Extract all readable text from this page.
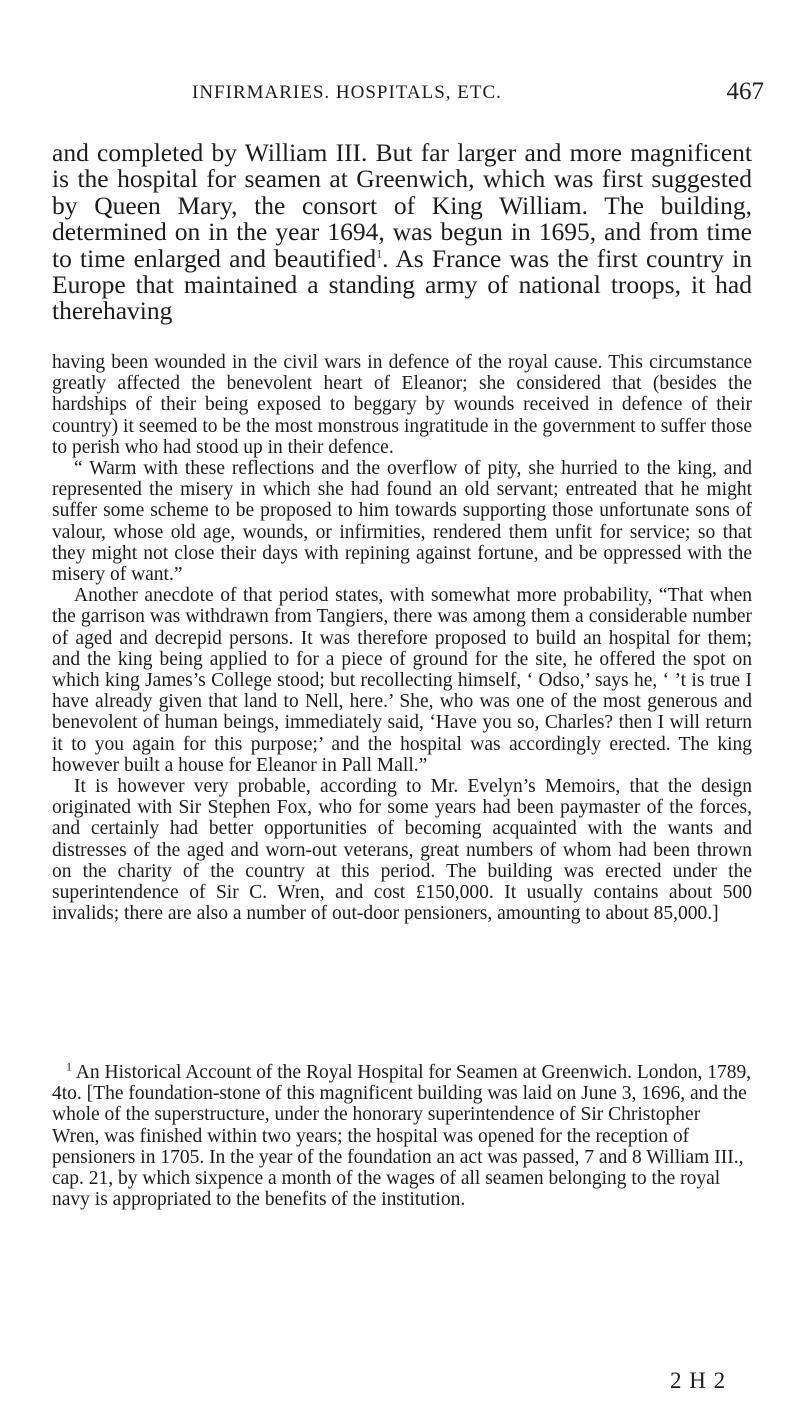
INFIRMARIES. HOSPITALS, ETC.	467

and completed by William III. But far larger and more magnificent is the hospital for seamen at Greenwich, which was first suggested by Queen Mary, the consort of King William. The building, determined on in the year 1694, was begun in 1695, and from time to time enlarged and beautified$^1$. As France was the first country in Europe that maintained a standing army of national troops, it had therehaving

having been wounded in the civil wars in defence of the royal cause. This circumstance greatly affected the benevolent heart of Eleanor; she considered that (besides the hardships of their being exposed to beggary by wounds received in defence of their country) it seemed to be the most monstrous ingratitude in the government to suffer those to perish who had stood up in their defence.

“ Warm with these reflections and the overflow of pity, she hurried to the king, and represented the misery in which she had found an old servant; entreated that he might suffer some scheme to be proposed to him towards supporting those unfortunate sons of valour, whose old age, wounds, or infirmities, rendered them unfit for service; so that they might not close their days with repining against fortune, and be oppressed with the misery of want.”

Another anecdote of that period states, with somewhat more probability, “That when the garrison was withdrawn from Tangiers, there was among them a considerable number of aged and decrepid persons. It was therefore proposed to build an hospital for them; and the king being applied to for a piece of ground for the site, he offered the spot on which king James’s College stood; but recollecting himself, ‘ Odso,’ says he, ‘ ’t is true I have already given that land to Nell, here.’ She, who was one of the most generous and benevolent of human beings, immediately said, ‘Have you so, Charles? then I will return it to you again for this purpose;’ and the hospital was accordingly erected. The king however built a house for Eleanor in Pall Mall.”

It is however very probable, according to Mr. Evelyn’s Memoirs, that the design originated with Sir Stephen Fox, who for some years had been paymaster of the forces, and certainly had better opportunities of becoming acquainted with the wants and distresses of the aged and worn-out veterans, great numbers of whom had been thrown on the charity of the country at this period. The building was erected under the superintendence of Sir C. Wren, and cost £150,000. It usually contains about 500 invalids; there are also a number of out-door pensioners, amounting to about 85,000.]

$^1$ An Historical Account of the Royal Hospital for Seamen at Greenwich. London, 1789, 4to. [The foundation-stone of this magnificent building was laid on June 3, 1696, and the whole of the superstructure, under the honorary superintendence of Sir Christopher Wren, was finished within two years; the hospital was opened for the reception of pensioners in 1705. In the year of the foundation an act was passed, 7 and 8 William III., cap. 21, by which sixpence a month of the wages of all seamen belonging to the royal navy is appropriated to the benefits of the institution.
2 H 2
